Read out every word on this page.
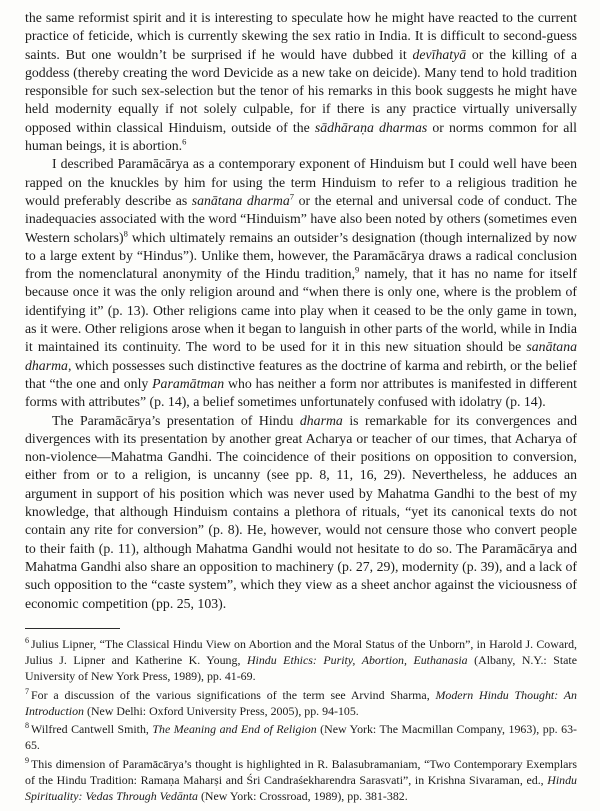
the same reformist spirit and it is interesting to speculate how he might have reacted to the current practice of feticide, which is currently skewing the sex ratio in India. It is difficult to second-guess saints. But one wouldn’t be surprised if he would have dubbed it devīhatyā or the killing of a goddess (thereby creating the word Devicide as a new take on deicide). Many tend to hold tradition responsible for such sex-selection but the tenor of his remarks in this book suggests he might have held modernity equally if not solely culpable, for if there is any practice virtually universally opposed within classical Hinduism, outside of the sādhāraṇa dharmas or norms common for all human beings, it is abortion.$^6$

I described Paramācārya as a contemporary exponent of Hinduism but I could well have been rapped on the knuckles by him for using the term Hinduism to refer to a religious tradition he would preferably describe as sanātana dharma$^7$ or the eternal and universal code of conduct. The inadequacies associated with the word “Hinduism” have also been noted by others (sometimes even Western scholars)$^8$ which ultimately remains an outsider’s designation (though internalized by now to a large extent by “Hindus”). Unlike them, however, the Paramācārya draws a radical conclusion from the nomenclatural anonymity of the Hindu tradition,$^9$ namely, that it has no name for itself because once it was the only religion around and “when there is only one, where is the problem of identifying it” (p. 13). Other religions came into play when it ceased to be the only game in town, as it were. Other religions arose when it began to languish in other parts of the world, while in India it maintained its continuity. The word to be used for it in this new situation should be sanātana dharma, which possesses such distinctive features as the doctrine of karma and rebirth, or the belief that “the one and only Paramātman who has neither a form nor attributes is manifested in different forms with attributes” (p. 14), a belief sometimes unfortunately confused with idolatry (p. 14).

The Paramācārya’s presentation of Hindu dharma is remarkable for its convergences and divergences with its presentation by another great Acharya or teacher of our times, that Acharya of non-violence—Mahatma Gandhi. The coincidence of their positions on opposition to conversion, either from or to a religion, is uncanny (see pp. 8, 11, 16, 29). Nevertheless, he adduces an argument in support of his position which was never used by Mahatma Gandhi to the best of my knowledge, that although Hinduism contains a plethora of rituals, “yet its canonical texts do not contain any rite for conversion” (p. 8). He, however, would not censure those who convert people to their faith (p. 11), although Mahatma Gandhi would not hesitate to do so. The Paramācārya and Mahatma Gandhi also share an opposition to machinery (p. 27, 29), modernity (p. 39), and a lack of such opposition to the “caste system”, which they view as a sheet anchor against the viciousness of economic competition (pp. 25, 103).

$^6$ Julius Lipner, “The Classical Hindu View on Abortion and the Moral Status of the Unborn”, in Harold J. Coward, Julius J. Lipner and Katherine K. Young, Hindu Ethics: Purity, Abortion, Euthanasia (Albany, N.Y.: State University of New York Press, 1989), pp. 41-69.
$^7$ For a discussion of the various significations of the term see Arvind Sharma, Modern Hindu Thought: An Introduction (New Delhi: Oxford University Press, 2005), pp. 94-105.
$^8$ Wilfred Cantwell Smith, The Meaning and End of Religion (New York: The Macmillan Company, 1963), pp. 63-65.
$^9$ This dimension of Paramācārya’s thought is highlighted in R. Balasubramaniam, “Two Contemporary Exemplars of the Hindu Tradition: Ramaṇa Maharṣi and Śri Candraśekharendra Sarasvati”, in Krishna Sivaraman, ed., Hindu Spirituality: Vedas Through Vedānta (New York: Crossroad, 1989), pp. 381-382.
